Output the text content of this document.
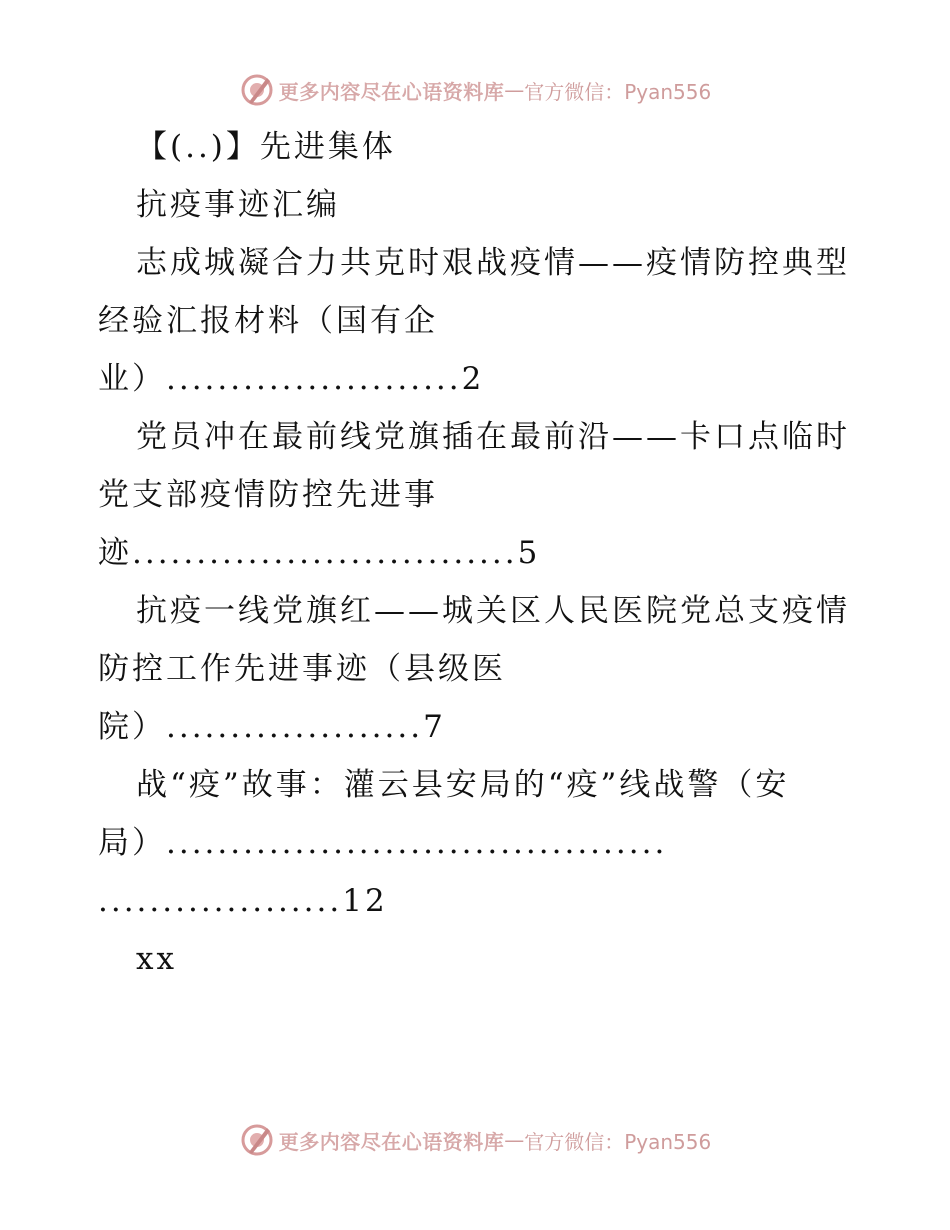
更多内容尽在心语资料库 — 官方微信：Pyan556

【(..)】先进集体

抗疫事迹汇编

志成城凝合力共克时艰战疫情——疫情防控典型

经验汇报材料（国有企

业）.......................2

党员冲在最前线党旗插在最前沿——卡口点临时

党支部疫情防控先进事

迹..............................5

抗疫一线党旗红——城关区人民医院党总支疫情

防控工作先进事迹（县级医

院）....................7

战“疫”故事：灌云县安局的“疫”线战警（安

局）.......................................

...................12

xx

更多内容尽在心语资料库 — 官方微信：Pyan556
